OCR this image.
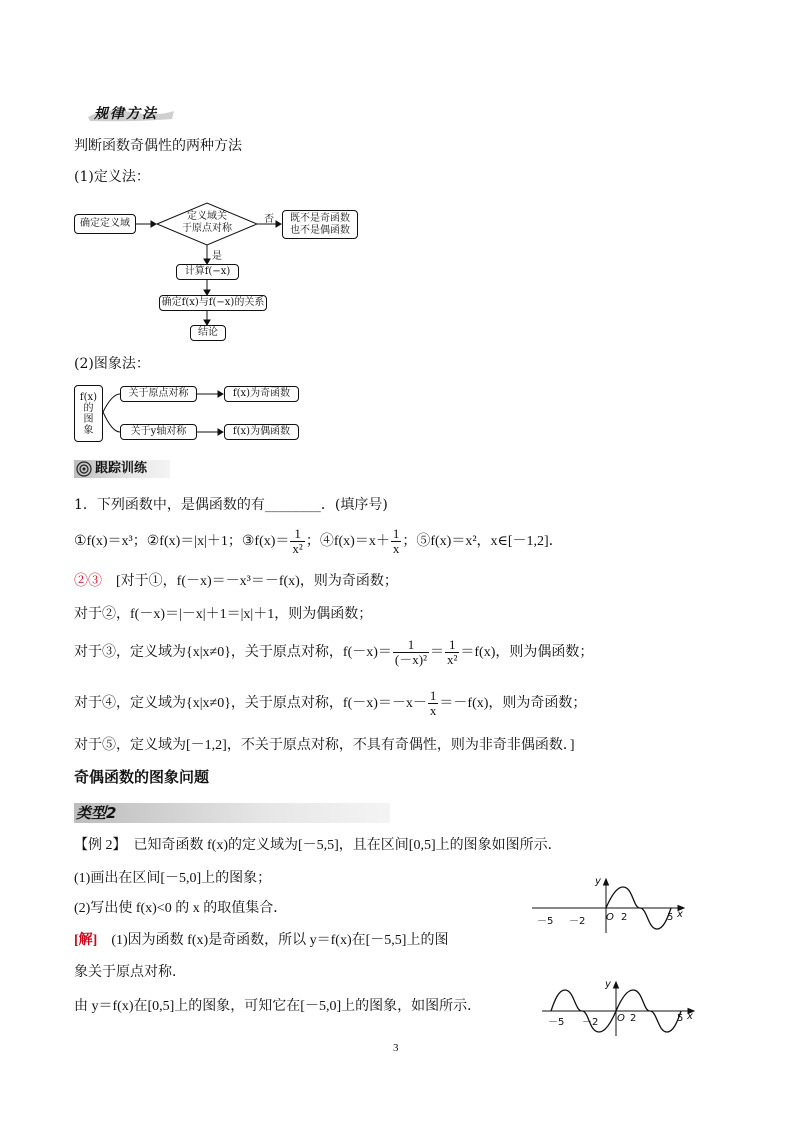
规律方法
判断函数奇偶性的两种方法
(1)定义法：
确定定义域
定义域关
于原点对称
否 既不是奇函数
也不是偶函数
是
计算f(−x)
确定f(x)与f(−x)的关系
结论
(2)图象法：
f(x)
的
图
象
关于原点对称	f(x)为奇函数
关于y轴对称	f(x)为偶函数
跟踪训练
1．下列函数中，是偶函数的有________．(填序号)
①f(x)＝x³；②f(x)＝|x|＋1；③f(x)＝ $\frac{1}{\text{x²}}$ ；④f(x)＝x＋ $\frac{1}{x}$ ；⑤f(x)＝x²，x∈[－1,2]．
②③　 [对于①，f(－x)＝－x³＝－f(x)，则为奇函数；
对于②，f(－x)＝|－x|＋1＝|x|＋1，则为偶函数；
对于③，定义域为{x|x≠0}，关于原点对称，$f(-x)= \frac{1}{\text{(－x)²}} = \frac{1}{\text{x²}} =f(x)$，则为偶函数；
对于④，定义域为{x|x≠0}，关于原点对称，$f(-x)=-x- \frac{1}{x} =-f(x)$，则为奇函数；
对于⑤，定义域为[－1,2]，不关于原点对称，不具有奇偶性，则为非奇非偶函数．]
奇偶函数的图象问题
类型2
【例 2】　已知奇函数 f(x)的定义域为[－5,5]，且在区间[0,5]上的图象如图所示．
(1)画出在区间[－5,0]上的图象；
(2)写出使 f(x)<0 的 x 的取值集合．
[解]　(1)因为函数 f(x)是奇函数，所以 y＝f(x)在[－5,5]上的图
象关于原点对称．
由 y＝f(x)在[0,5]上的图象，可知它在[－5,0]上的图象，如图所示．
y
x
－5 －2 O 2	5
y
x
－5 －2 O 2	5
3
